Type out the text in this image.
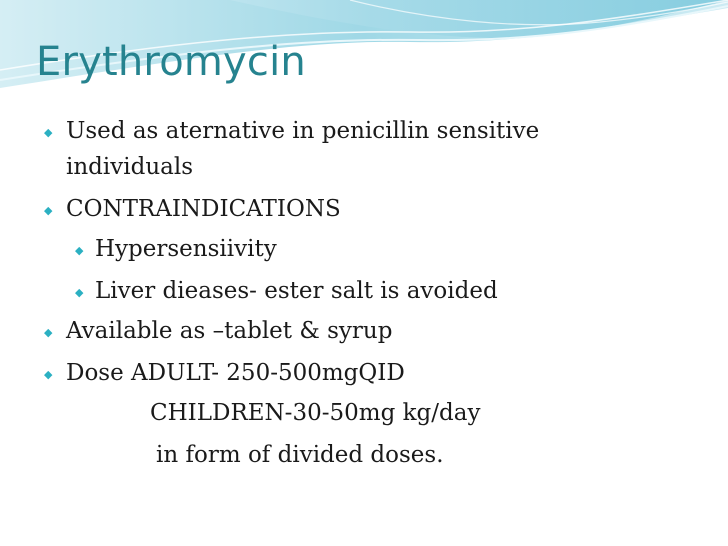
Erythromycin
◆ Used as aternative in penicillin sensitive
individuals
◆ CONTRAINDICATIONS
◆ Hypersensiivity
◆ Liver dieases- ester salt is avoided
◆ Available as –tablet & syrup
◆ Dose ADULT- 250-500mgQID
CHILDREN-30-50mg kg/day
in form of divided doses.
